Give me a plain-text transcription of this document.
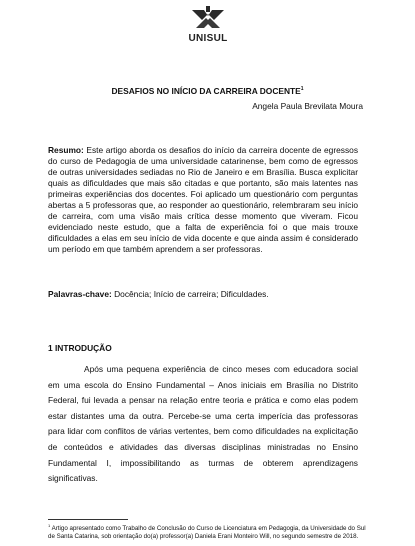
UNISUL
DESAFIOS NO INÍCIO DA CARREIRA DOCENTE$^1$
Angela Paula Brevilata Moura
Resumo: Este artigo aborda os desafios do início da carreira docente de egressos do curso de Pedagogia de uma universidade catarinense, bem como de egressos de outras universidades sediadas no Rio de Janeiro e em Brasília. Busca explicitar quais as dificuldades que mais são citadas e que portanto, são mais latentes nas primeiras experiências dos docentes. Foi aplicado um questionário com perguntas abertas a 5 professoras que, ao responder ao questionário, relembraram seu início de carreira, com uma visão mais crítica desse momento que viveram. Ficou evidenciado neste estudo, que a falta de experiência foi o que mais trouxe dificuldades a elas em seu início de vida docente e que ainda assim é considerado um período em que também aprendem a ser professoras.
Palavras-chave: Docência; Início de carreira; Dificuldades.
1 INTRODUÇÃO
Após uma pequena experiência de cinco meses com educadora social em uma escola do Ensino Fundamental – Anos iniciais em Brasília no Distrito Federal, fui levada a pensar na relação entre teoria e prática e como elas podem estar distantes uma da outra. Percebe-se uma certa imperícia das professoras para lidar com conflitos de várias vertentes, bem como dificuldades na explicitação de conteúdos e atividades das diversas disciplinas ministradas no Ensino Fundamental I, impossibilitando as turmas de obterem aprendizagens significativas.
$^1$ Artigo apresentado como Trabalho de Conclusão do Curso de Licenciatura em Pedagogia, da Universidade do Sul de Santa Catarina, sob orientação do(a) professor(a) Daniela Erani Monteiro Will, no segundo semestre de 2018.
